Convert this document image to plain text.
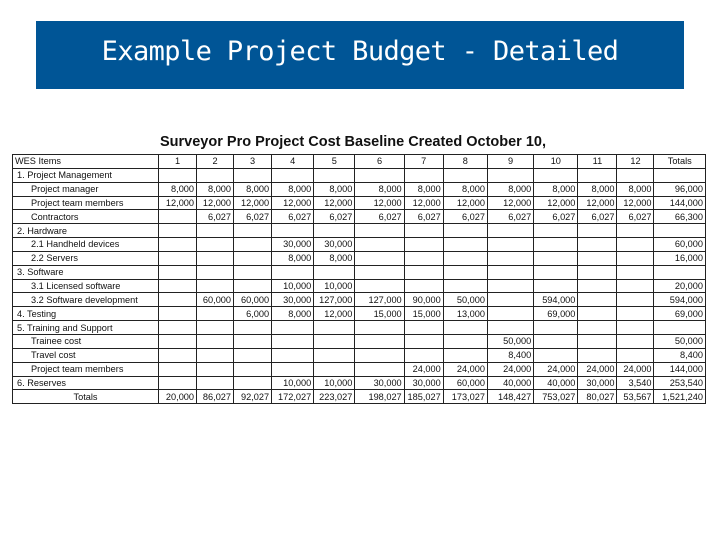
Example Project Budget - Detailed
Surveyor Pro Project Cost Baseline Created October 10,
WES Items	1	2	3	4	5	6	7	8	9	10	11	12	Totals
1. Project Management													
Project manager	8,000	8,000	8,000	8,000	8,000	8,000	8,000	8,000	8,000	8,000	8,000	8,000	96,000
Project team members	12,000	12,000	12,000	12,000	12,000	12,000	12,000	12,000	12,000	12,000	12,000	12,000	144,000
Contractors		6,027	6,027	6,027	6,027	6,027	6,027	6,027	6,027	6,027	6,027	6,027	66,300
2. Hardware													
2.1 Handheld devices				30,000	30,000								60,000
2.2 Servers				8,000	8,000								16,000
3. Software													
3.1 Licensed software				10,000	10,000								20,000
3.2 Software development		60,000	60,000	30,000	127,000	127,000	90,000	50,000		594,000			594,000
4. Testing			6,000	8,000	12,000	15,000	15,000	13,000		69,000			69,000
5. Training and Support													
Trainee cost									50,000				50,000
Travel cost									8,400				8,400
Project team members							24,000	24,000	24,000	24,000	24,000	24,000	144,000
6. Reserves				10,000	10,000	30,000	30,000	60,000	40,000	40,000	30,000	3,540	253,540
Totals	20,000	86,027	92,027	172,027	223,027	198,027	185,027	173,027	148,427	753,027	80,027	53,567	1,521,240
